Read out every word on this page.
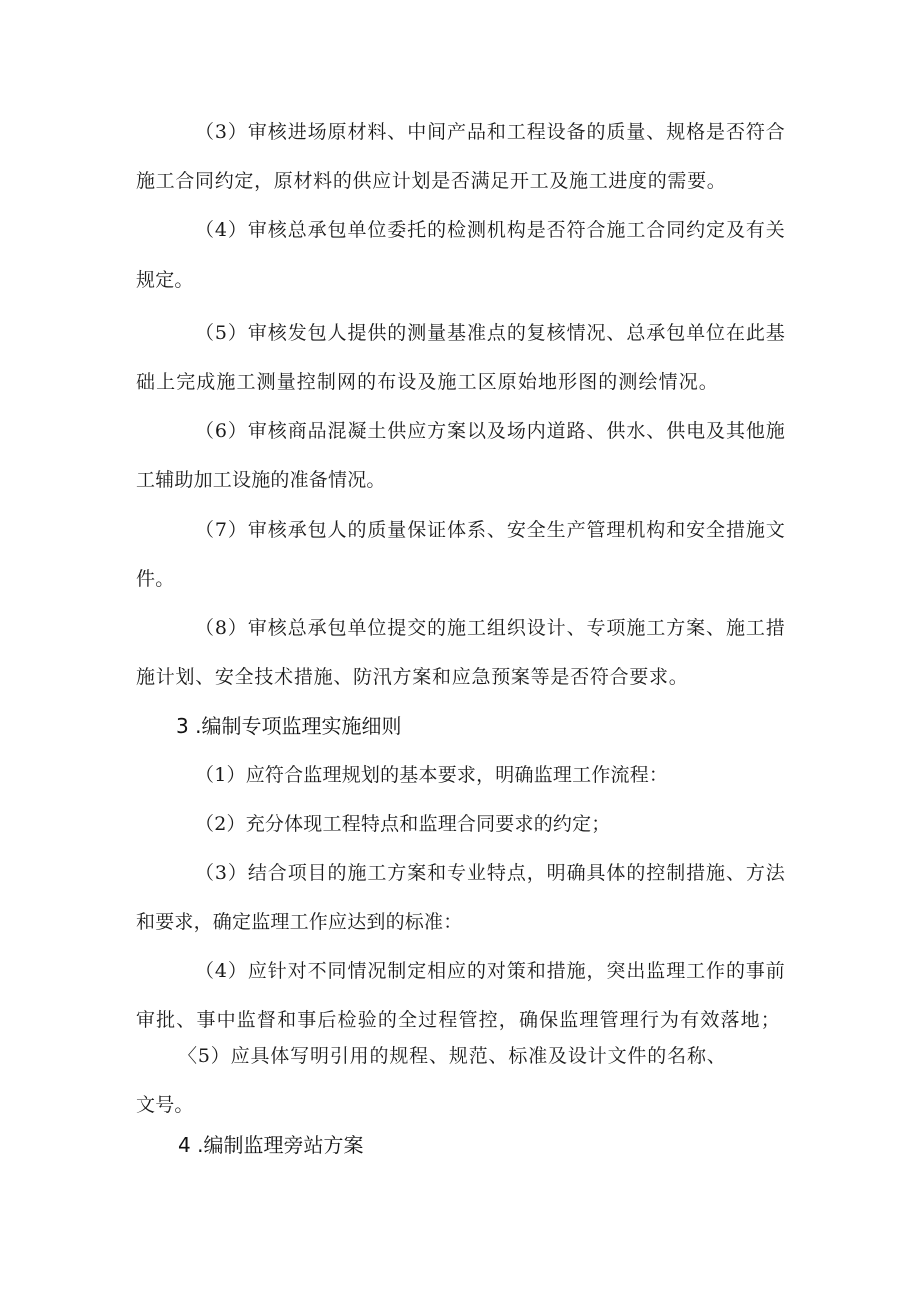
（3）审核进场原材料、中间产品和工程设备的质量、规格是否符合
施工合同约定，原材料的供应计划是否满足开工及施工进度的需要。
（4）审核总承包单位委托的检测机构是否符合施工合同约定及有关
规定。
（5）审核发包人提供的测量基准点的复核情况、总承包单位在此基
础上完成施工测量控制网的布设及施工区原始地形图的测绘情况。
（6）审核商品混凝土供应方案以及场内道路、供水、供电及其他施
工辅助加工设施的准备情况。
（7）审核承包人的质量保证体系、安全生产管理机构和安全措施文
件。
（8）审核总承包单位提交的施工组织设计、专项施工方案、施工措
施计划、安全技术措施、防汛方案和应急预案等是否符合要求。
3 .编制专项监理实施细则
（1）应符合监理规划的基本要求，明确监理工作流程：
（2）充分体现工程特点和监理合同要求的约定；
（3）结合项目的施工方案和专业特点，明确具体的控制措施、方法
和要求，确定监理工作应达到的标准：
（4）应针对不同情况制定相应的对策和措施，突出监理工作的事前
审批、事中监督和事后检验的全过程管控，确保监理管理行为有效落地；
〈5）应具体写明引用的规程、规范、标准及设计文件的名称、
文号。
4 .编制监理旁站方案
